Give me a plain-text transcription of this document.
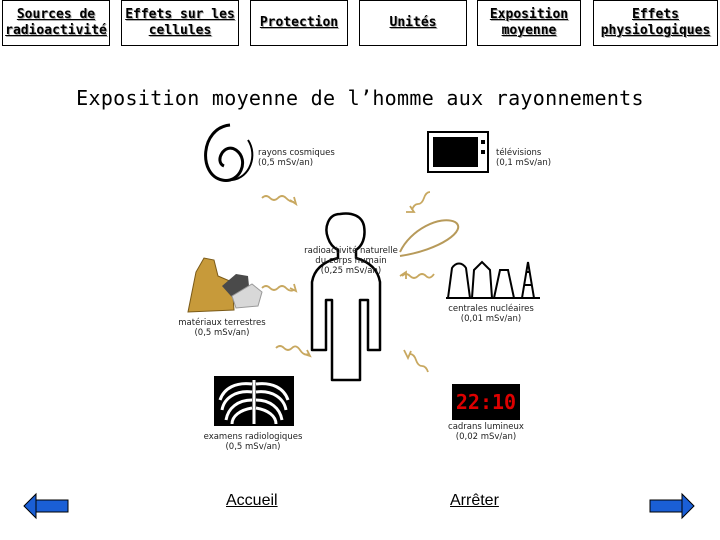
Sources de radioactivité
Effets sur les cellules
Protection	Unités
Exposition moyenne
Effets physiologiques
Exposition moyenne de l’homme aux rayonnements
rayons cosmiques
(0,5 mSv/an)
télévisions
(0,1 mSv/an)
radioactivité naturelle
du corps humain
(0,25 mSv/an)
centrales nucléaires
(0,01 mSv/an)
matériaux terrestres
(0,5 mSv/an)
examens radiologiques
(0,5 mSv/an)
cadrans lumineux
(0,02 mSv/an)
22:10
Accueil	Arrêter
